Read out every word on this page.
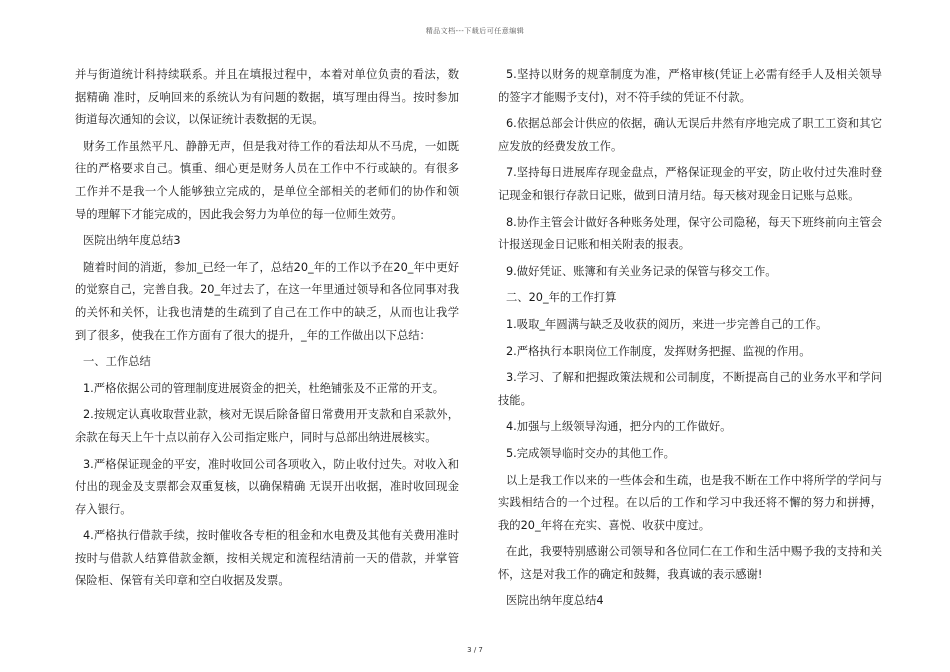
精品文档---下载后可任意编辑

并与街道统计科持续联系。并且在填报过程中，本着对单位负责的看法，数据精确 准时，反响回来的系统认为有问题的数据，填写理由得当。按时参加街道每次通知的会议，以保证统计表数据的无误。

财务工作虽然平凡、静静无声，但是我对待工作的看法却从不马虎，一如既往的严格要求自己。慎重、细心更是财务人员在工作中不行或缺的。有很多工作并不是我一个人能够独立完成的，是单位全部相关的老师们的协作和领导的理解下才能完成的，因此我会努力为单位的每一位师生效劳。

医院出纳年度总结3

随着时间的消逝，参加_已经一年了，总结20_年的工作以予在20_年中更好的觉察自己，完善自我。20_年过去了，在这一年里通过领导和各位同事对我的关怀和关怀，让我也清楚的生疏到了自己在工作中的缺乏，从而也让我学到了很多，使我在工作方面有了很大的提升，_年的工作做出以下总结：

一、工作总结

1.严格依据公司的管理制度进展资金的把关，杜绝铺张及不正常的开支。

2.按规定认真收取营业款，核对无误后除备留日常费用开支款和自采款外，余款在每天上午十点以前存入公司指定账户，同时与总部出纳进展核实。

3.严格保证现金的平安，准时收回公司各项收入，防止收付过失。对收入和付出的现金及支票都会双重复核，以确保精确 无误开出收据，准时收回现金存入银行。

4.严格执行借款手续，按时催收各专柜的租金和水电费及其他有关费用准时按时与借款人结算借款金额，按相关规定和流程结清前一天的借款，并掌管保险柜、保管有关印章和空白收据及发票。

5.坚持以财务的规章制度为准，严格审核(凭证上必需有经手人及相关领导的签字才能赐予支付)，对不符手续的凭证不付款。

6.依据总部会计供应的依据，确认无误后井然有序地完成了职工工资和其它应发放的经费发放工作。

7.坚持每日进展库存现金盘点，严格保证现金的平安，防止收付过失准时登记现金和银行存款日记账，做到日清月结。每天核对现金日记账与总账。

8.协作主管会计做好各种账务处理，保守公司隐秘，每天下班终前向主管会计报送现金日记账和相关附表的报表。

9.做好凭证、账簿和有关业务记录的保管与移交工作。

二、20_年的工作打算

1.吸取_年圆满与缺乏及收获的阅历，来进一步完善自己的工作。

2.严格执行本职岗位工作制度，发挥财务把握、监视的作用。

3.学习、了解和把握政策法规和公司制度，不断提高自己的业务水平和学问技能。

4.加强与上级领导沟通，把分内的工作做好。

5.完成领导临时交办的其他工作。

以上是我工作以来的一些体会和生疏，也是我不断在工作中将所学的学问与实践相结合的一个过程。在以后的工作和学习中我还将不懈的努力和拼搏，我的20_年将在充实、喜悦、收获中度过。

在此，我要特别感谢公司领导和各位同仁在工作和生活中赐予我的支持和关怀，这是对我工作的确定和鼓舞，我真诚的表示感谢!

医院出纳年度总结4

3 / 7
